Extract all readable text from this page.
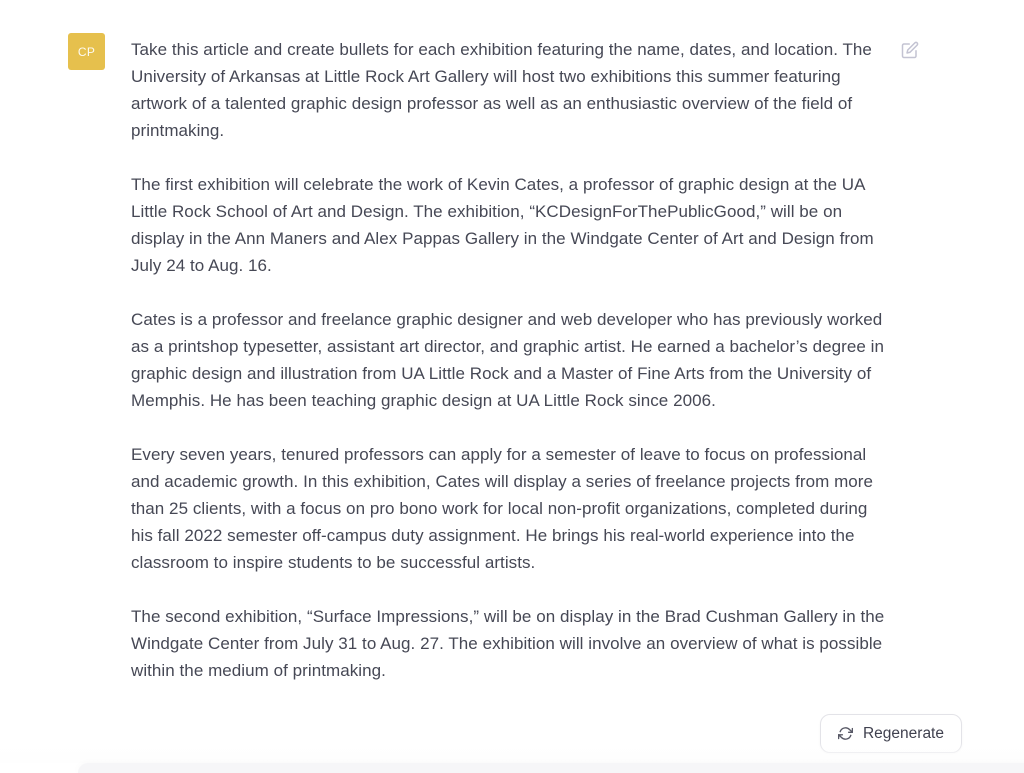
CP Take this article and create bullets for each exhibition featuring the name, dates, and location. The University of Arkansas at Little Rock Art Gallery will host two exhibitions this summer featuring artwork of a talented graphic design professor as well as an enthusiastic overview of the field of printmaking.

The first exhibition will celebrate the work of Kevin Cates, a professor of graphic design at the UA Little Rock School of Art and Design. The exhibition, “KCDesignForThePublicGood,” will be on display in the Ann Maners and Alex Pappas Gallery in the Windgate Center of Art and Design from July 24 to Aug. 16.

Cates is a professor and freelance graphic designer and web developer who has previously worked as a printshop typesetter, assistant art director, and graphic artist. He earned a bachelor’s degree in graphic design and illustration from UA Little Rock and a Master of Fine Arts from the University of Memphis. He has been teaching graphic design at UA Little Rock since 2006.

Every seven years, tenured professors can apply for a semester of leave to focus on professional and academic growth. In this exhibition, Cates will display a series of freelance projects from more than 25 clients, with a focus on pro bono work for local non-profit organizations, completed during his fall 2022 semester off-campus duty assignment. He brings his real-world experience into the classroom to inspire students to be successful artists.

The second exhibition, “Surface Impressions,” will be on display in the Brad Cushman Gallery in the Windgate Center from July 31 to Aug. 27. The exhibition will involve an overview of what is possible within the medium of printmaking.

Regenerate
